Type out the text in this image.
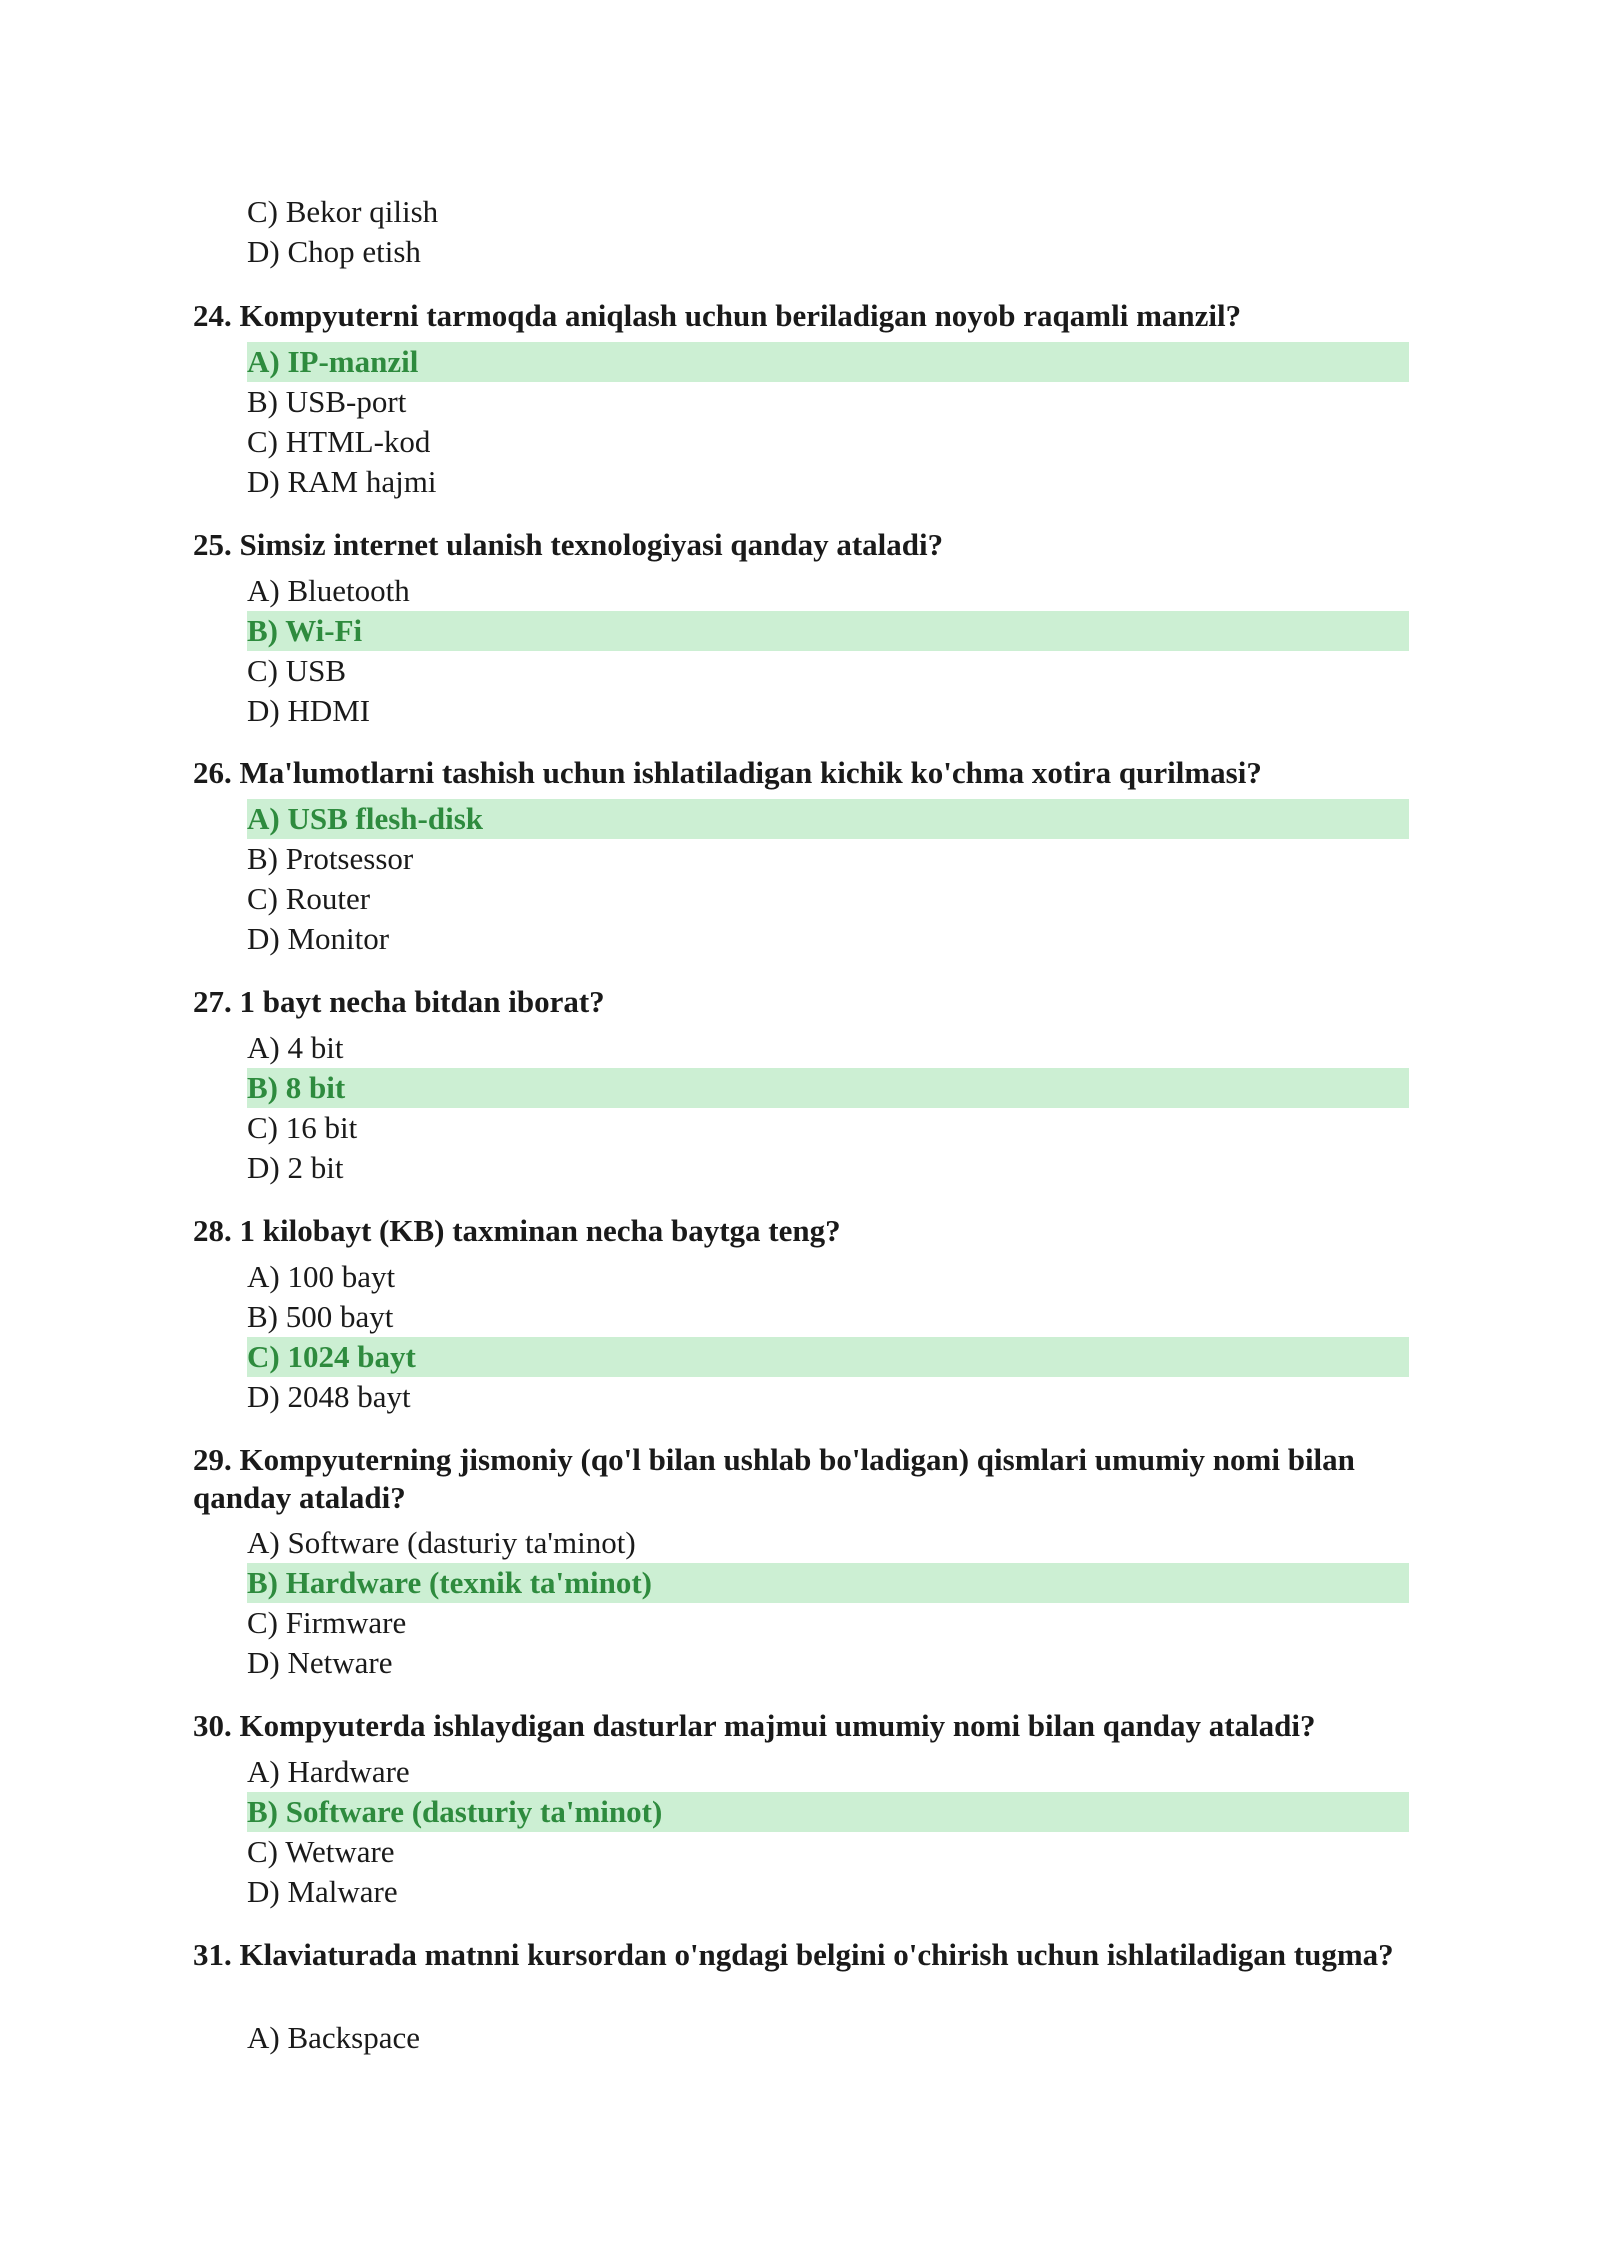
C) Bekor qilish
D) Chop etish
24. Kompyuterni tarmoqda aniqlash uchun beriladigan noyob raqamli manzil?
A) IP-manzil
B) USB-port
C) HTML-kod
D) RAM hajmi
25. Simsiz internet ulanish texnologiyasi qanday ataladi?
A) Bluetooth
B) Wi-Fi
C) USB
D) HDMI
26. Ma'lumotlarni tashish uchun ishlatiladigan kichik ko'chma xotira qurilmasi?
A) USB flesh-disk
B) Protsessor
C) Router
D) Monitor
27. 1 bayt necha bitdan iborat?
A) 4 bit
B) 8 bit
C) 16 bit
D) 2 bit
28. 1 kilobayt (KB) taxminan necha baytga teng?
A) 100 bayt
B) 500 bayt
C) 1024 bayt
D) 2048 bayt
29. Kompyuterning jismoniy (qo'l bilan ushlab bo'ladigan) qismlari umumiy nomi bilan qanday ataladi?
A) Software (dasturiy ta'minot)
B) Hardware (texnik ta'minot)
C) Firmware
D) Netware
30. Kompyuterda ishlaydigan dasturlar majmui umumiy nomi bilan qanday ataladi?
A) Hardware
B) Software (dasturiy ta'minot)
C) Wetware
D) Malware
31. Klaviaturada matnni kursordan o'ngdagi belgini o'chirish uchun ishlatiladigan tugma?
A) Backspace
